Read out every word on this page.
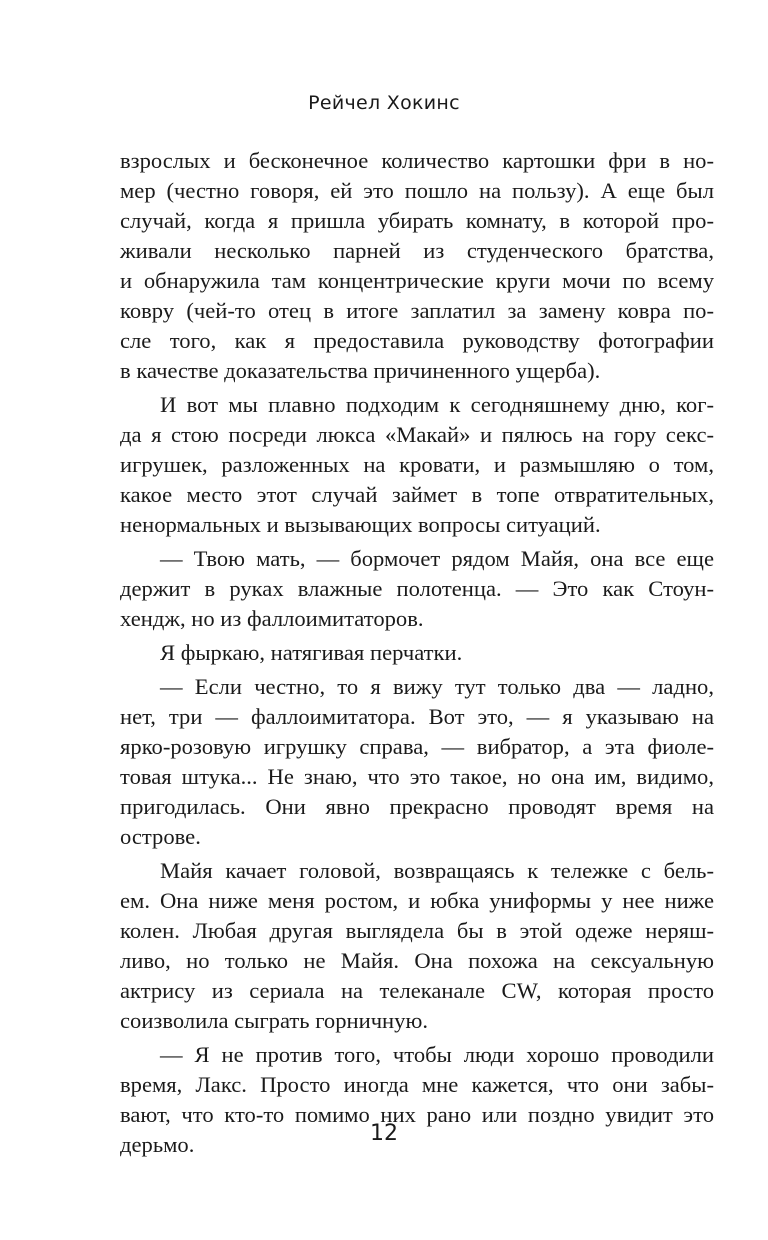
Рейчел Хокинс
взрослых и бесконечное количество картошки фри в но-
мер (честно говоря, ей это пошло на пользу). А еще был
случай, когда я пришла убирать комнату, в которой про-
живали несколько парней из студенческого братства,
и обнаружила там концентрические круги мочи по всему
ковру (чей-то отец в итоге заплатил за замену ковра по-
сле того, как я предоставила руководству фотографии
в качестве доказательства причиненного ущерба).
И вот мы плавно подходим к сегодняшнему дню, ког-
да я стою посреди люкса «Макай» и пялюсь на гору секс-
игрушек, разложенных на кровати, и размышляю о том,
какое место этот случай займет в топе отвратительных,
ненормальных и вызывающих вопросы ситуаций.
— Твою мать, — бормочет рядом Майя, она все еще
держит в руках влажные полотенца. — Это как Стоун-
хендж, но из фаллоимитаторов.
Я фыркаю, натягивая перчатки.
— Если честно, то я вижу тут только два — ладно,
нет, три — фаллоимитатора. Вот это, — я указываю на
ярко-розовую игрушку справа, — вибратор, а эта фиоле-
товая штука... Не знаю, что это такое, но она им, видимо,
пригодилась. Они явно прекрасно проводят время на
острове.
Майя качает головой, возвращаясь к тележке с бель-
ем. Она ниже меня ростом, и юбка униформы у нее ниже
колен. Любая другая выглядела бы в этой одеже неряш-
ливо, но только не Майя. Она похожа на сексуальную
актрису из сериала на телеканале CW, которая просто
соизволила сыграть горничную.
— Я не против того, чтобы люди хорошо проводили
время, Лакс. Просто иногда мне кажется, что они забы-
вают, что кто-то помимо них рано или поздно увидит это
дерьмо.	12
